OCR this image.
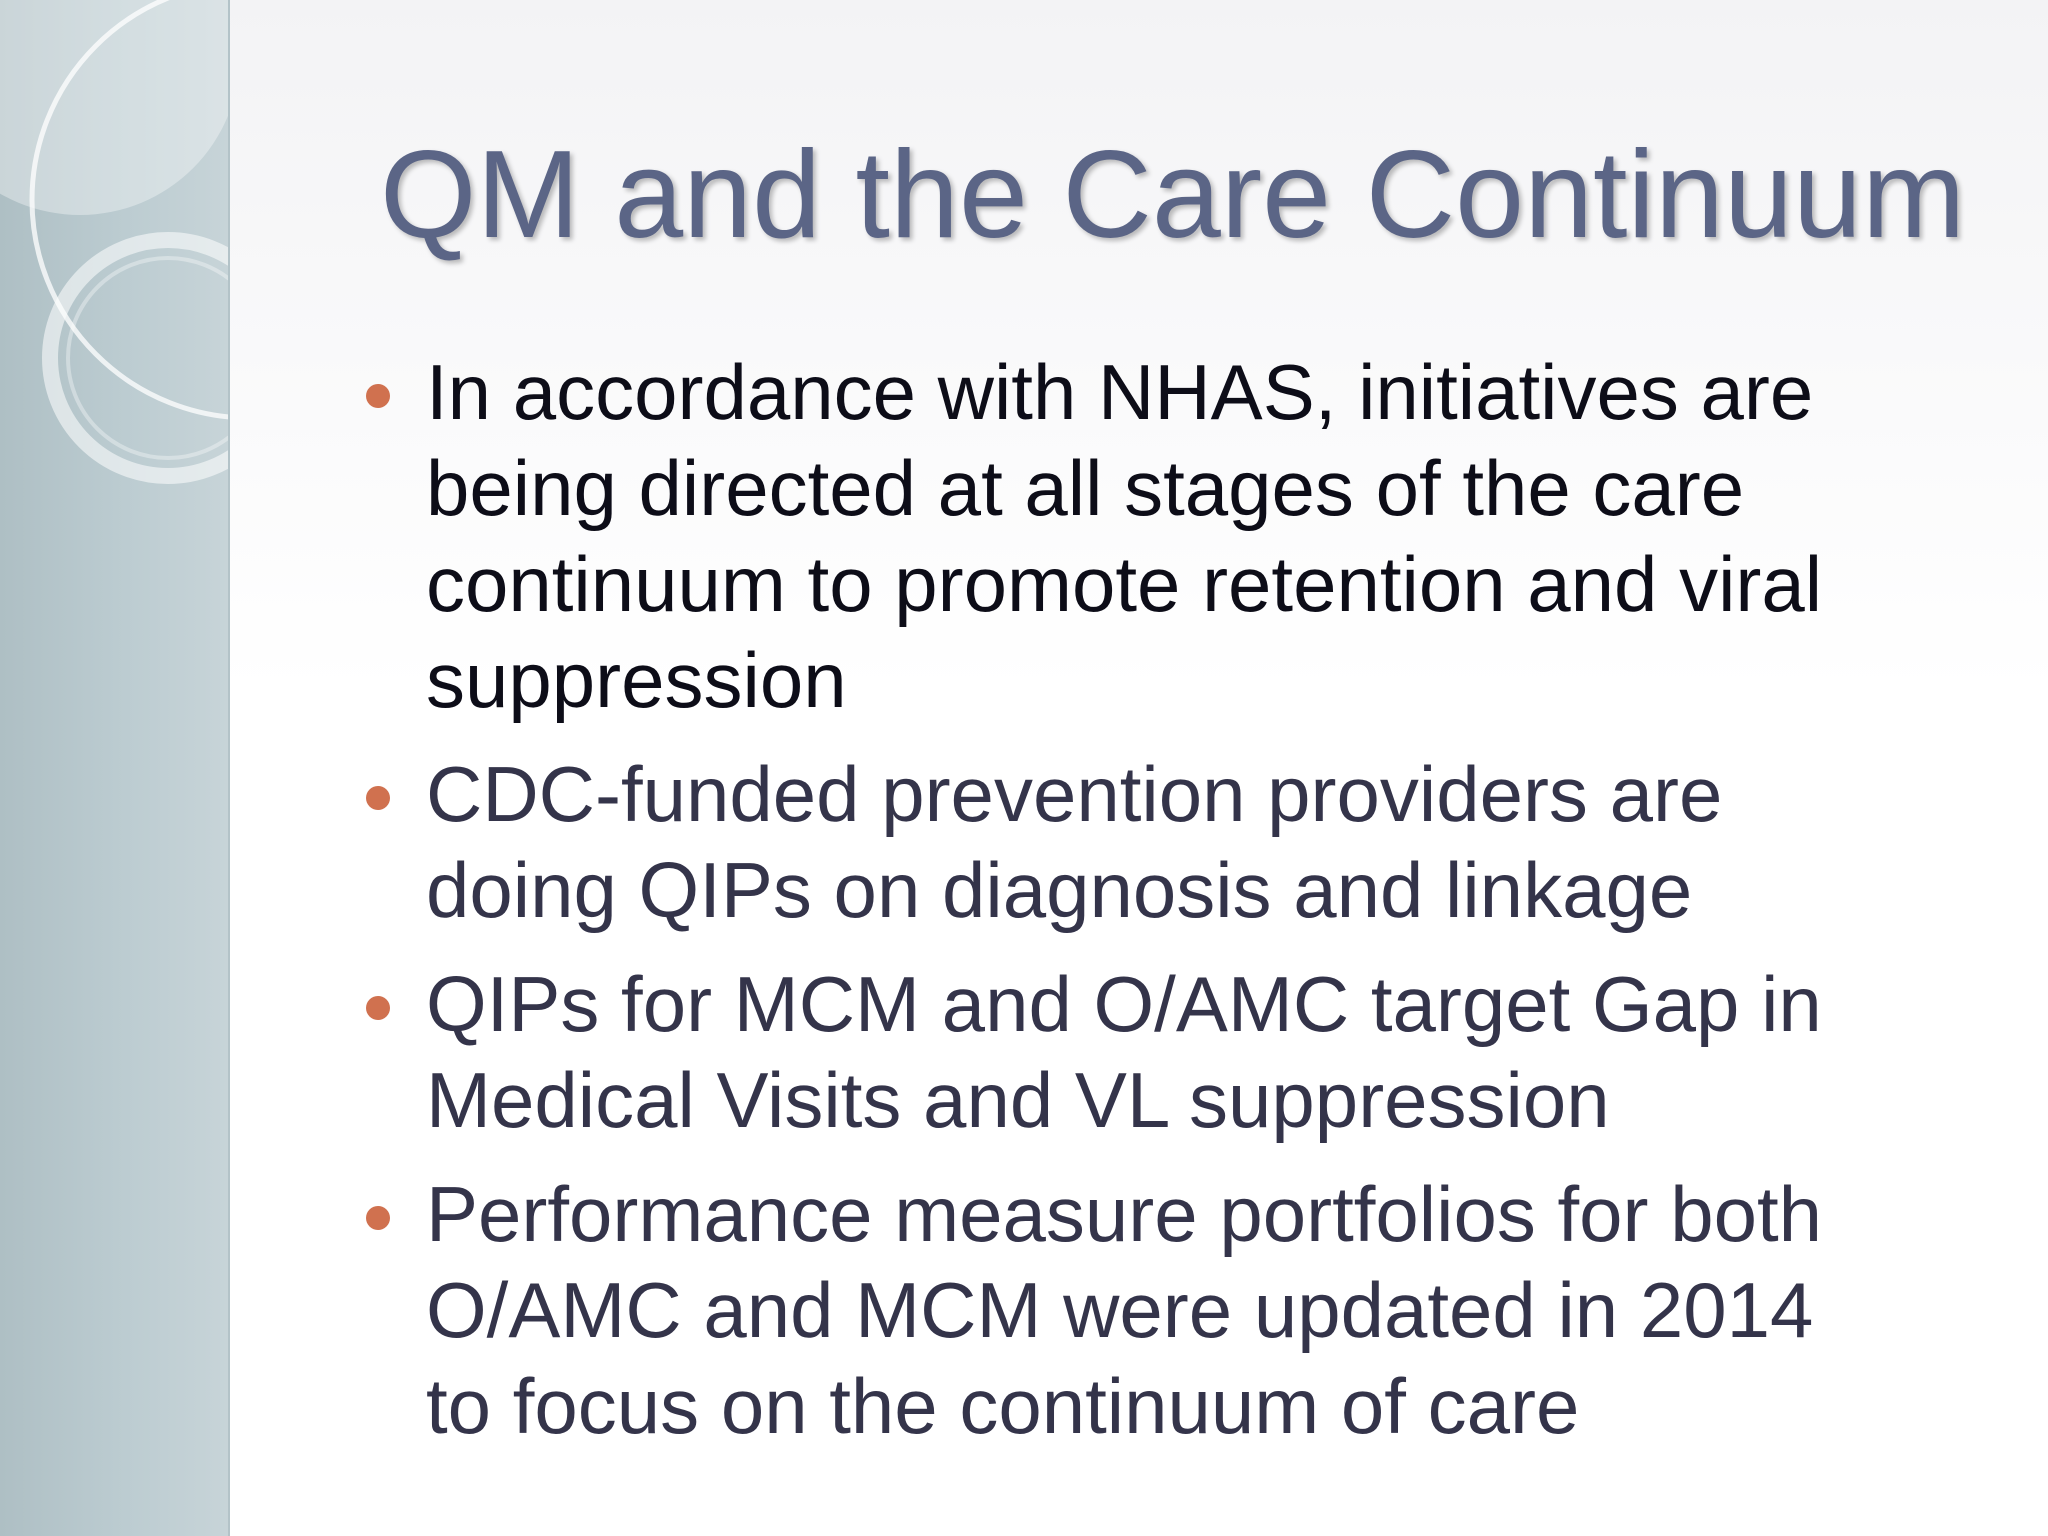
QM and the Care Continuum
In accordance with NHAS, initiatives are being directed at all stages of the care continuum to promote retention and viral suppression
CDC-funded prevention providers are doing QIPs on diagnosis and linkage
QIPs for MCM and O/AMC target Gap in Medical Visits and VL suppression
Performance measure portfolios for both O/AMC and MCM were updated in 2014 to focus on the continuum of care
